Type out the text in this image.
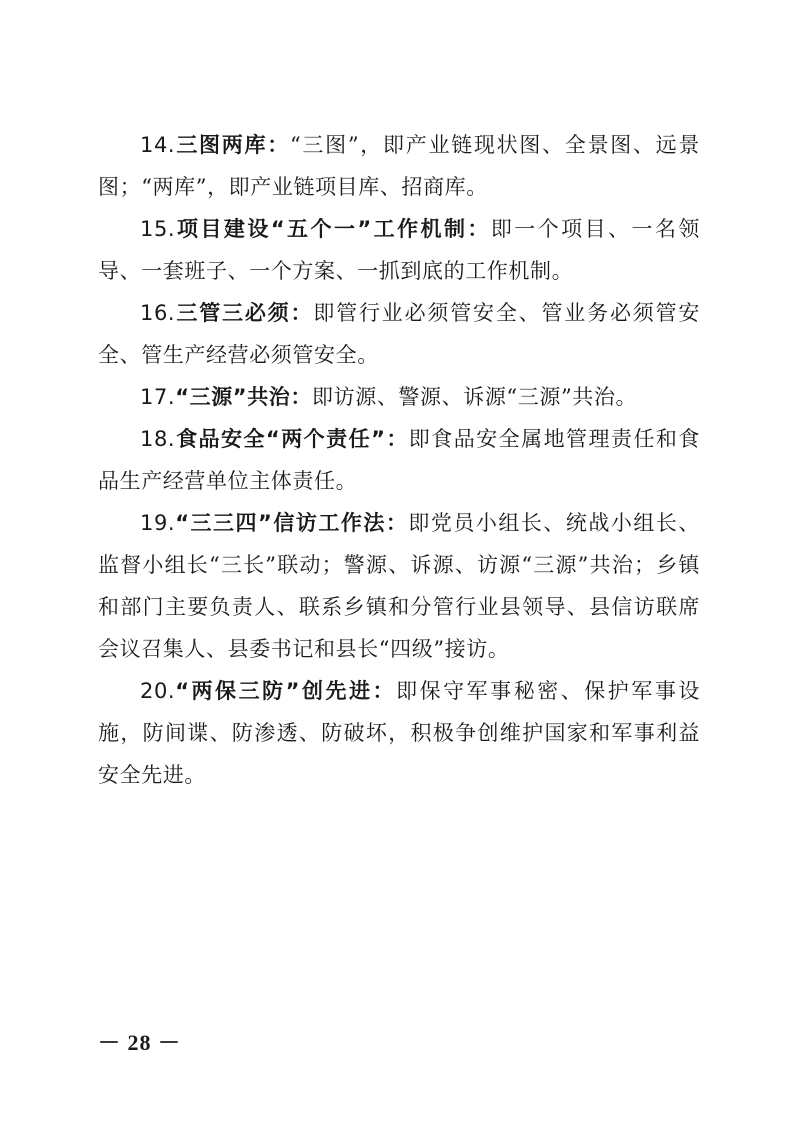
14.三图两库：“三图”，即产业链现状图、全景图、远景图；“两库”，即产业链项目库、招商库。

15.项目建设“五个一”工作机制：即一个项目、一名领导、一套班子、一个方案、一抓到底的工作机制。

16.三管三必须：即管行业必须管安全、管业务必须管安全、管生产经营必须管安全。

17.“三源”共治：即访源、警源、诉源“三源”共治。

18.食品安全“两个责任”：即食品安全属地管理责任和食品生产经营单位主体责任。

19.“三三四”信访工作法：即党员小组长、统战小组长、监督小组长“三长”联动；警源、诉源、访源“三源”共治；乡镇和部门主要负责人、联系乡镇和分管行业县领导、县信访联席会议召集人、县委书记和县长“四级”接访。

20.“两保三防”创先进：即保守军事秘密、保护军事设施，防间谍、防渗透、防破坏，积极争创维护国家和军事利益安全先进。

－ 28 －
